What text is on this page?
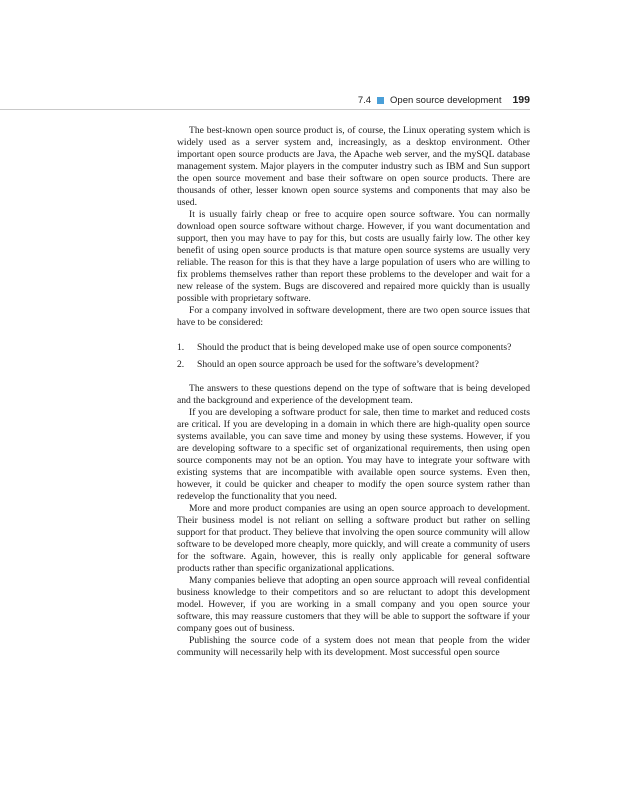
7.4 Open source development 199

The best-known open source product is, of course, the Linux operating system which is widely used as a server system and, increasingly, as a desktop environment. Other important open source products are Java, the Apache web server, and the mySQL database management system. Major players in the computer industry such as IBM and Sun support the open source movement and base their software on open source products. There are thousands of other, lesser known open source systems and components that may also be used.

It is usually fairly cheap or free to acquire open source software. You can normally download open source software without charge. However, if you want documentation and support, then you may have to pay for this, but costs are usually fairly low. The other key benefit of using open source products is that mature open source systems are usually very reliable. The reason for this is that they have a large population of users who are willing to fix problems themselves rather than report these problems to the developer and wait for a new release of the system. Bugs are discovered and repaired more quickly than is usually possible with proprietary software.

For a company involved in software development, there are two open source issues that have to be considered:

1.	Should the product that is being developed make use of open source components?
2.	Should an open source approach be used for the software’s development?

The answers to these questions depend on the type of software that is being developed and the background and experience of the development team.

If you are developing a software product for sale, then time to market and reduced costs are critical. If you are developing in a domain in which there are high-quality open source systems available, you can save time and money by using these systems. However, if you are developing software to a specific set of organizational requirements, then using open source components may not be an option. You may have to integrate your software with existing systems that are incompatible with available open source systems. Even then, however, it could be quicker and cheaper to modify the open source system rather than redevelop the functionality that you need.

More and more product companies are using an open source approach to development. Their business model is not reliant on selling a software product but rather on selling support for that product. They believe that involving the open source community will allow software to be developed more cheaply, more quickly, and will create a community of users for the software. Again, however, this is really only applicable for general software products rather than specific organizational applications.

Many companies believe that adopting an open source approach will reveal confidential business knowledge to their competitors and so are reluctant to adopt this development model. However, if you are working in a small company and you open source your software, this may reassure customers that they will be able to support the software if your company goes out of business.

Publishing the source code of a system does not mean that people from the wider community will necessarily help with its development. Most successful open source
